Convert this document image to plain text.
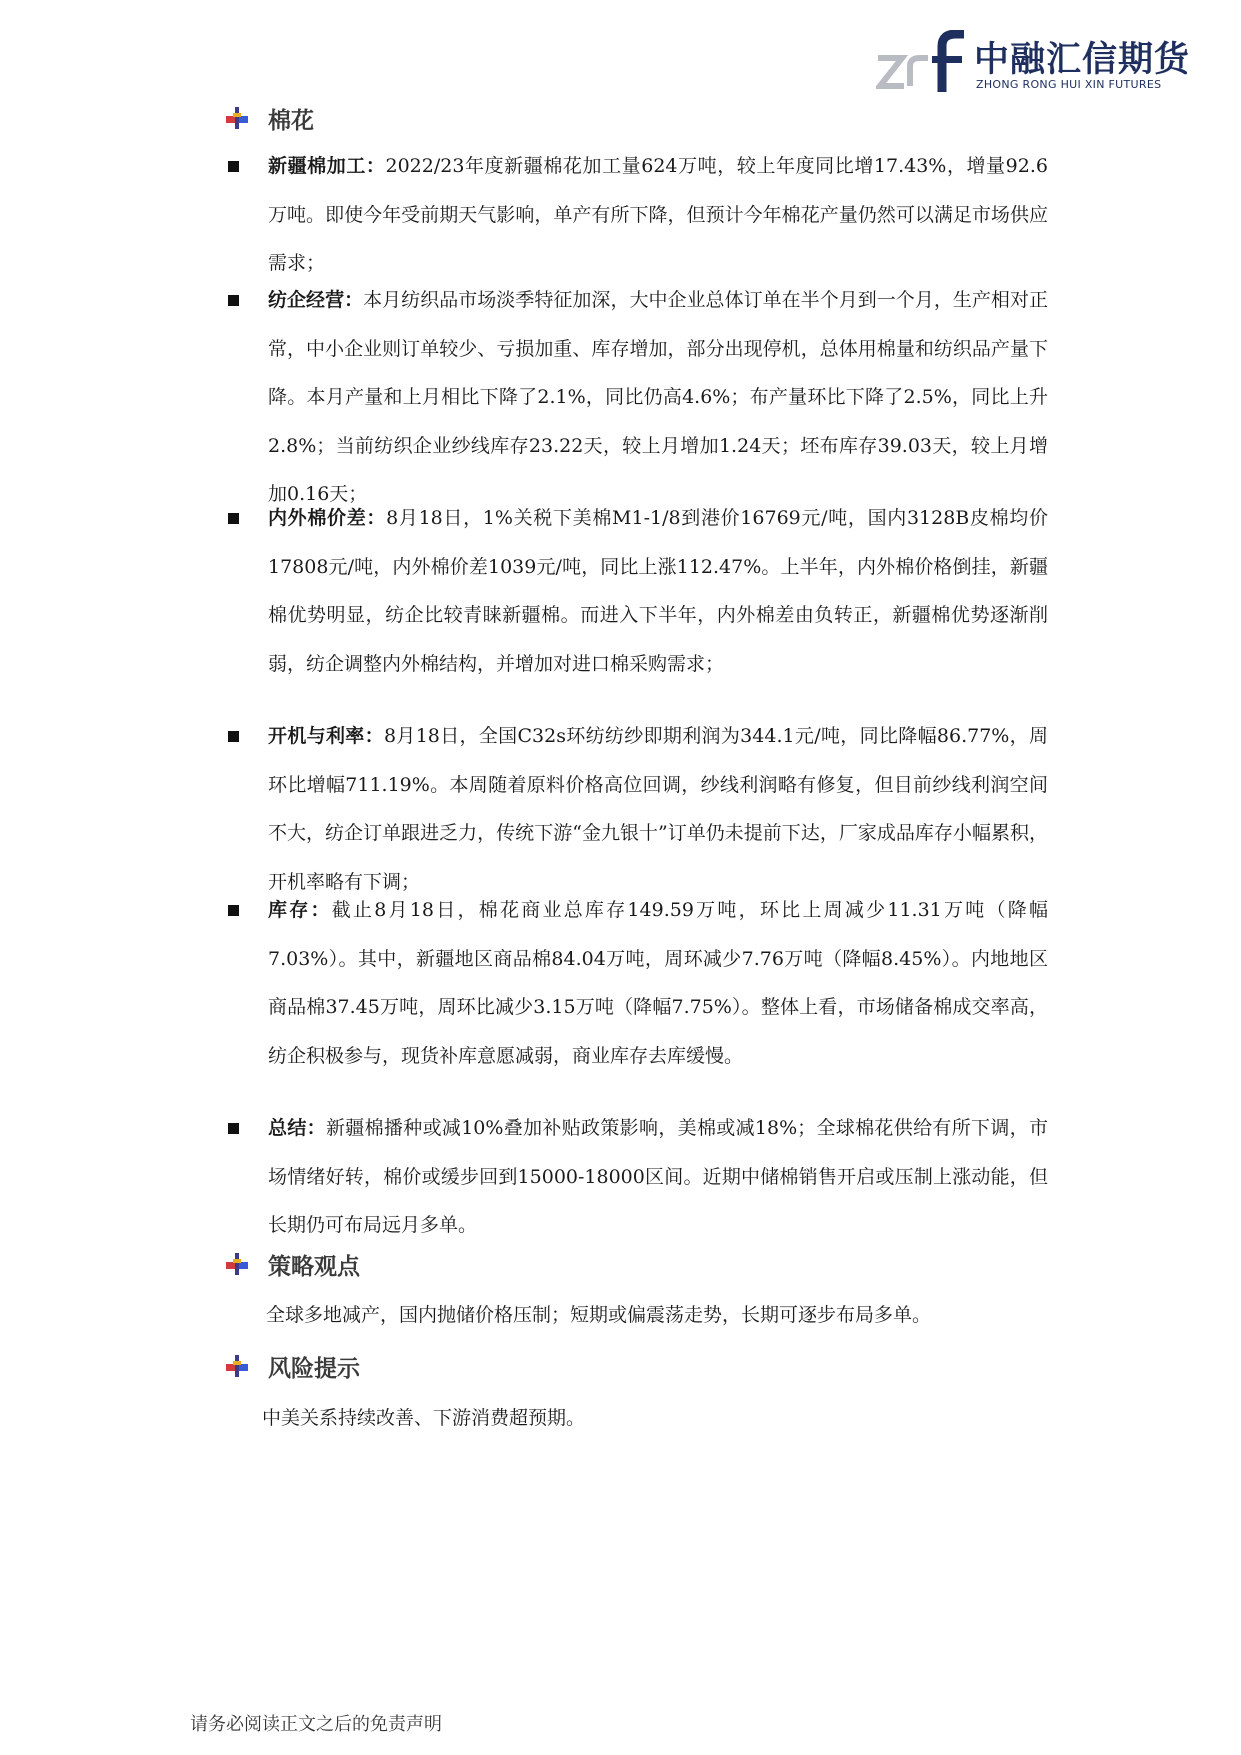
中融汇信期货
ZHONG RONG HUI XIN FUTURES
棉花
新疆棉加工：2022/23年度新疆棉花加工量624万吨，较上年度同比增17.43%，增量92.6万吨。即使今年受前期天气影响，单产有所下降，但预计今年棉花产量仍然可以满足市场供应需求；
纺企经营：本月纺织品市场淡季特征加深，大中企业总体订单在半个月到一个月，生产相对正常，中小企业则订单较少、亏损加重、库存增加，部分出现停机，总体用棉量和纺织品产量下降。本月产量和上月相比下降了2.1%，同比仍高4.6%；布产量环比下降了2.5%，同比上升2.8%；当前纺织企业纱线库存23.22天，较上月增加1.24天；坯布库存39.03天，较上月增加0.16天；
内外棉价差：8月18日，1%关税下美棉M1-1/8到港价16769元/吨，国内3128B皮棉均价17808元/吨，内外棉价差1039元/吨，同比上涨112.47%。上半年，内外棉价格倒挂，新疆棉优势明显，纺企比较青睐新疆棉。而进入下半年，内外棉差由负转正，新疆棉优势逐渐削弱，纺企调整内外棉结构，并增加对进口棉采购需求；
开机与利率：8月18日，全国C32s环纺纺纱即期利润为344.1元/吨，同比降幅86.77%，周环比增幅711.19%。本周随着原料价格高位回调，纱线利润略有修复，但目前纱线利润空间不大，纺企订单跟进乏力，传统下游“金九银十”订单仍未提前下达，厂家成品库存小幅累积，开机率略有下调；
库存：截止8月18日，棉花商业总库存149.59万吨，环比上周减少11.31万吨（降幅7.03%）。其中，新疆地区商品棉84.04万吨，周环减少7.76万吨（降幅8.45%）。内地地区商品棉37.45万吨，周环比减少3.15万吨（降幅7.75%）。整体上看，市场储备棉成交率高，纺企积极参与，现货补库意愿减弱，商业库存去库缓慢。
总结：新疆棉播种或减10%叠加补贴政策影响，美棉或减18%；全球棉花供给有所下调，市场情绪好转，棉价或缓步回到15000-18000区间。近期中储棉销售开启或压制上涨动能，但长期仍可布局远月多单。
策略观点
全球多地减产，国内抛储价格压制；短期或偏震荡走势，长期可逐步布局多单。
风险提示
中美关系持续改善、下游消费超预期。
请务必阅读正文之后的免责声明
